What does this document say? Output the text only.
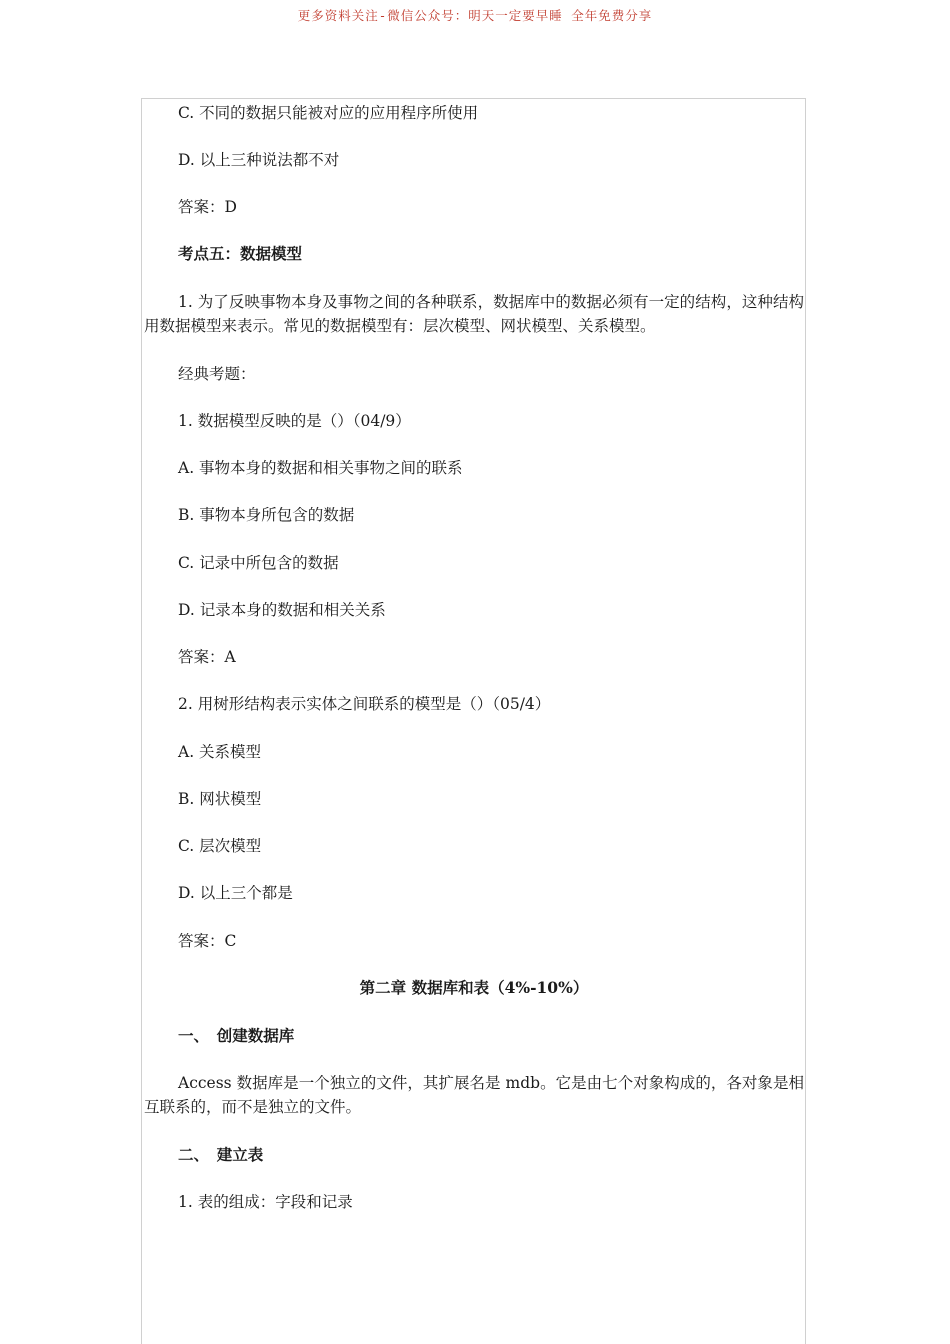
更多资料关注-微信公众号：明天一定要早睡 全年免费分享
C. 不同的数据只能被对应的应用程序所使用
D. 以上三种说法都不对
答案：D
考点五：数据模型
1. 为了反映事物本身及事物之间的各种联系，数据库中的数据必须有一定的结构，这种结构用数据模型来表示。常见的数据模型有：层次模型、网状模型、关系模型。
经典考题：
1. 数据模型反映的是（）（04/9）
A. 事物本身的数据和相关事物之间的联系
B. 事物本身所包含的数据
C. 记录中所包含的数据
D. 记录本身的数据和相关关系
答案：A
2. 用树形结构表示实体之间联系的模型是（）（05/4）
A. 关系模型
B. 网状模型
C. 层次模型
D. 以上三个都是
答案：C
第二章 数据库和表（4%-10%）
一、　创建数据库
Access 数据库是一个独立的文件，其扩展名是 mdb。它是由七个对象构成的，各对象是相互联系的，而不是独立的文件。
二、　建立表
1. 表的组成：字段和记录
